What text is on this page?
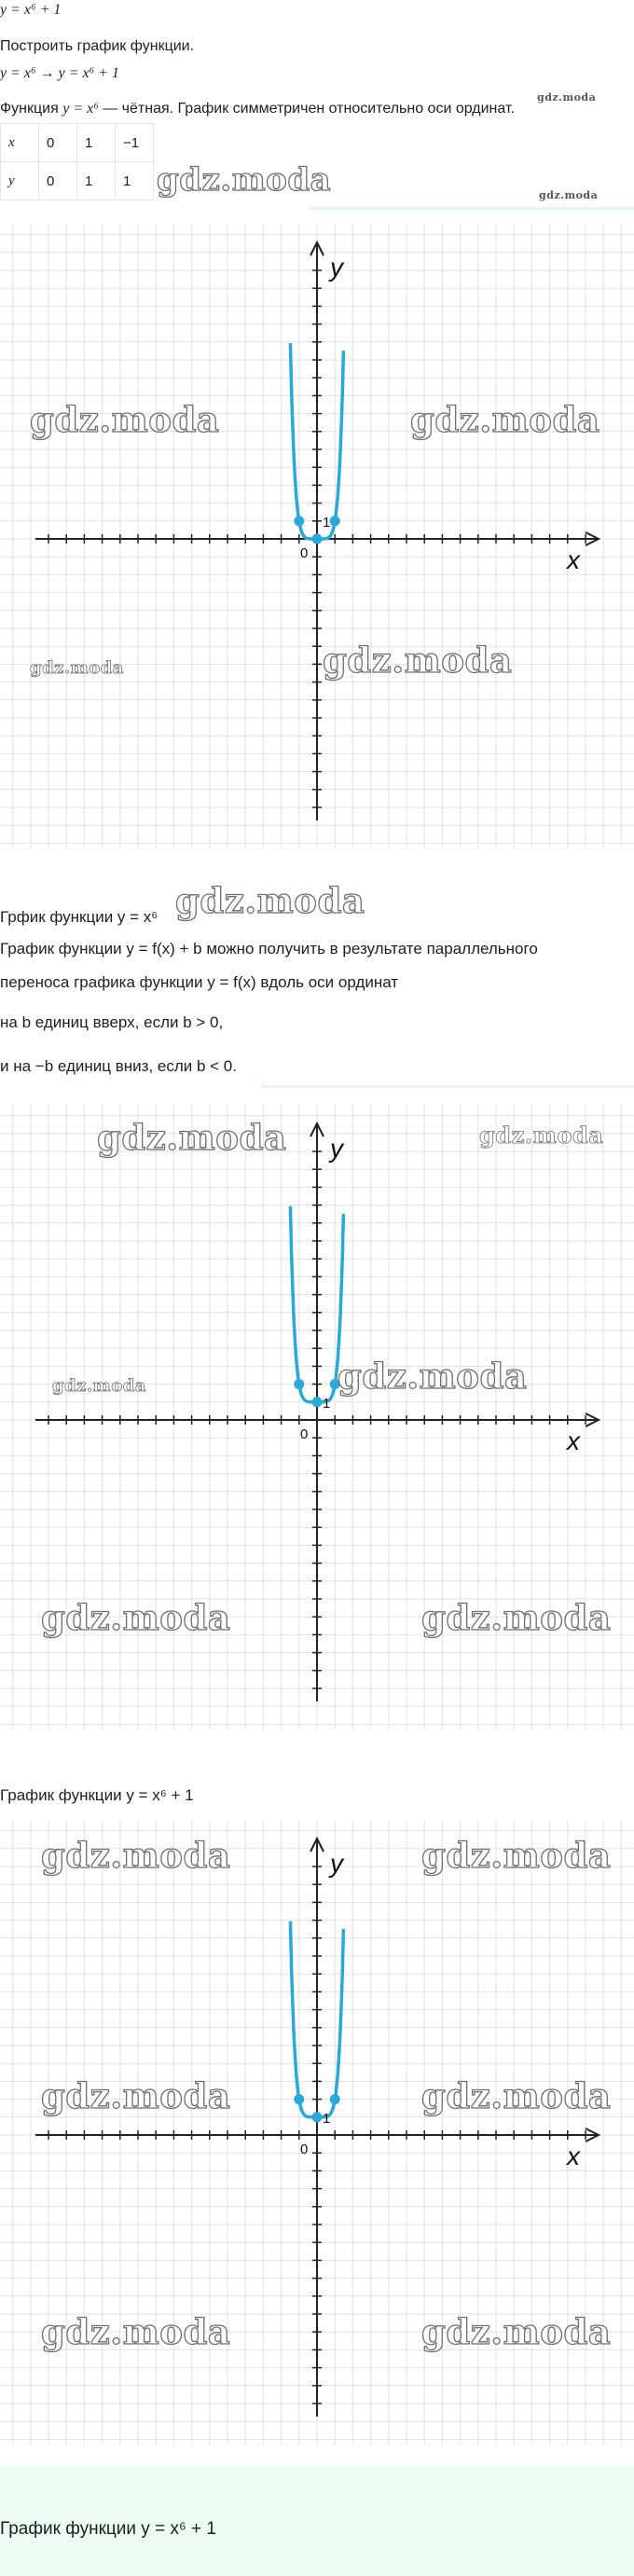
y = x⁶ + 1
Построить график функции.
y = x⁶ → y = x⁶ + 1
Функция y = x⁶ — чётная. График симметричен относительно оси ординат.
gdz.moda
x	0	1	−1
y	0	1	1 gdz.moda	gdz.moda
x
y
0
1
gdz.moda	gdz.moda
gdz.moda	gdz.moda
Грфик функции y = x⁶ gdz.moda
График функции y = f(x) + b можно получить в результате параллельного
переноса графика функции y = f(x) вдоль оси ординат
на b единиц вверх, если b > 0,
и на −b единиц вниз, если b < 0.
x
y
0
1
gdz.moda	gdz.moda
gdz.moda	gdz.moda
gdz.moda	gdz.moda
График функции y = x⁶ + 1
x
y
0
1
gdz.moda	gdz.moda
gdz.moda	gdz.moda
gdz.moda	gdz.moda
График функции y = x⁶ + 1
